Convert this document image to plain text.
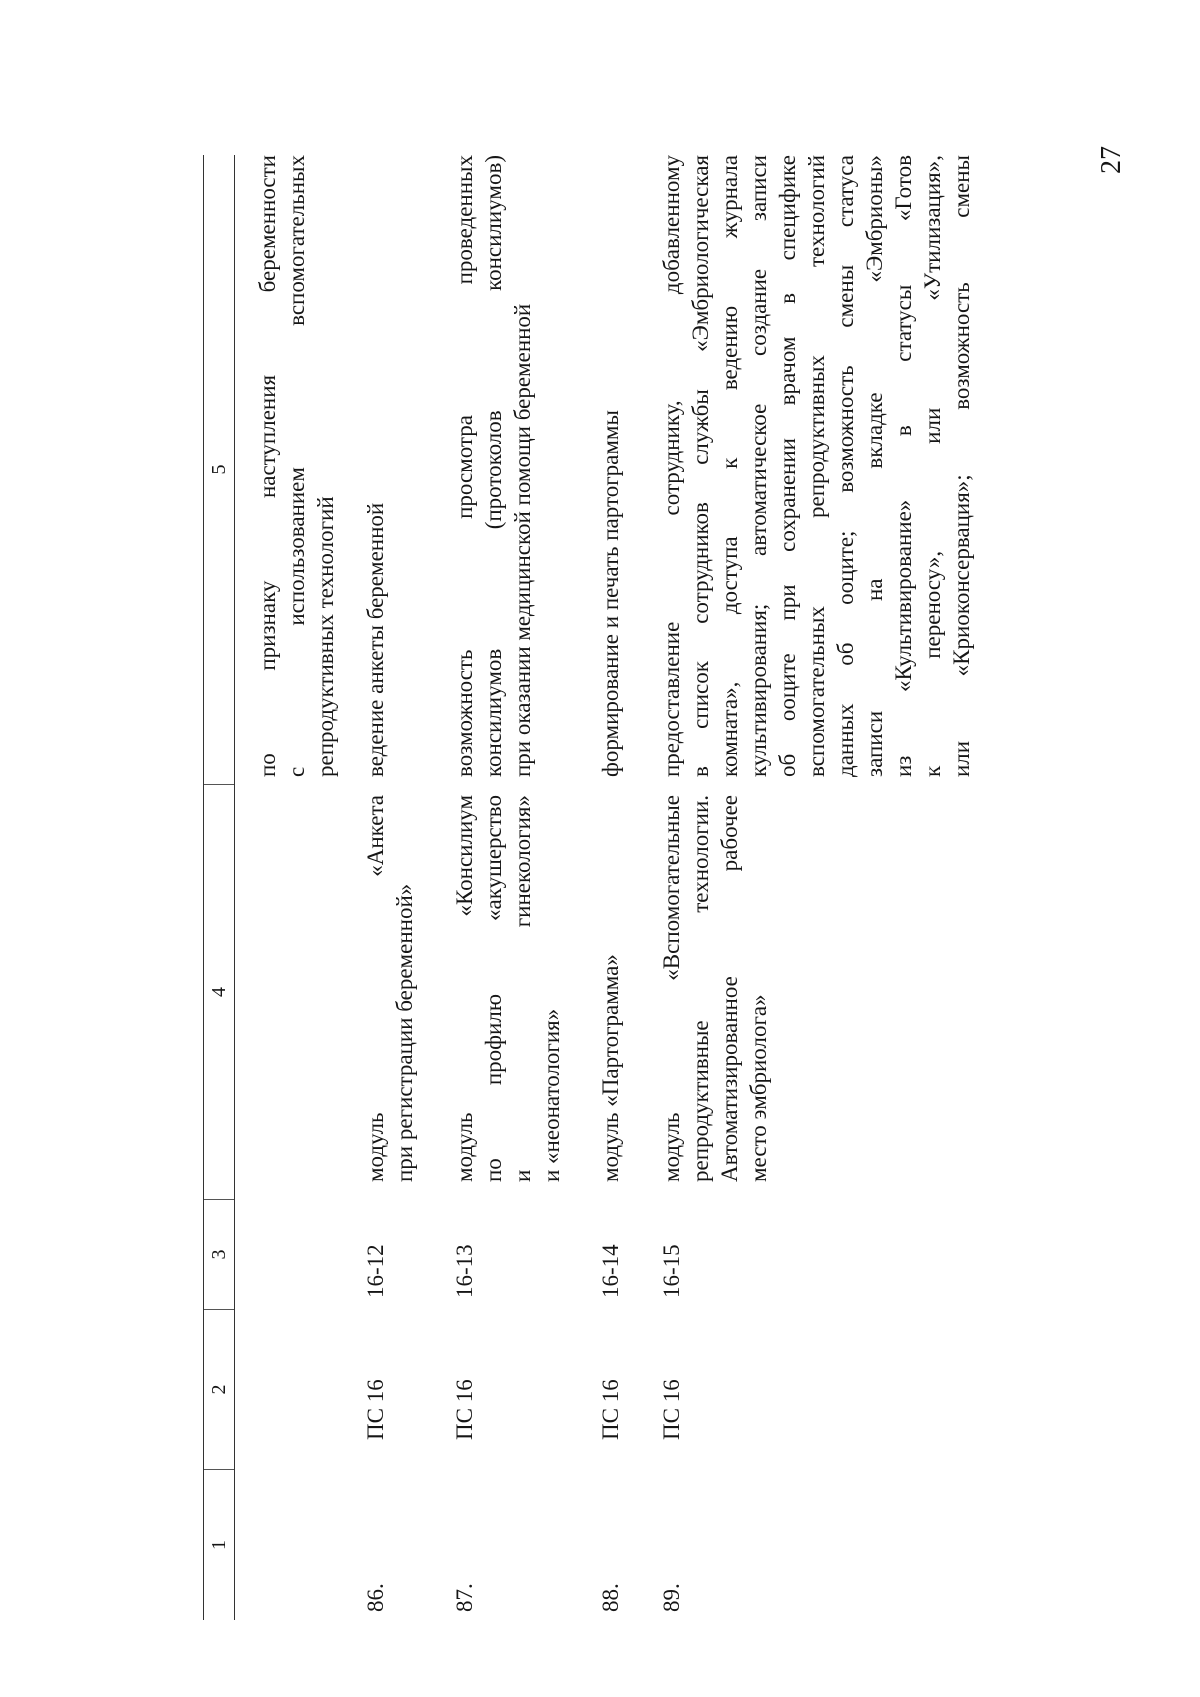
27
1
2
3
4
5 по признаку наступления беременности с использованием вспомогательных репродуктивных технологий
86.
ПС 16
16-12
модуль «Анкета при регистрации беременной»
ведение анкеты беременной
87.
ПС 16
16-13
модуль «Консилиум по профилю «акушерство и гинекология» и «неонатология»
возможность просмотра проведенных консилиумов (протоколов консилиумов) при оказании медицинской помощи беременной
88.
ПС 16
16-14
модуль «Партограмма»
формирование и печать партограммы
89.
ПС 16
16-15
модуль «Вспомогательные репродуктивные технологии. Автоматизированное рабочее место эмбриолога»
предоставление сотруднику, добавленному в список сотрудников службы «Эмбриологическая комната», доступа к ведению журнала культивирования; автоматическое создание записи об ооците при сохранении врачом в специфике вспомогательных репродуктивных технологий данных об ооците; возможность смены статуса записи на вкладке «Эмбрионы» из «Культивирование» в статусы «Готов к переносу», или «Утилизация», или «Криоконсервация»; возможность смены
